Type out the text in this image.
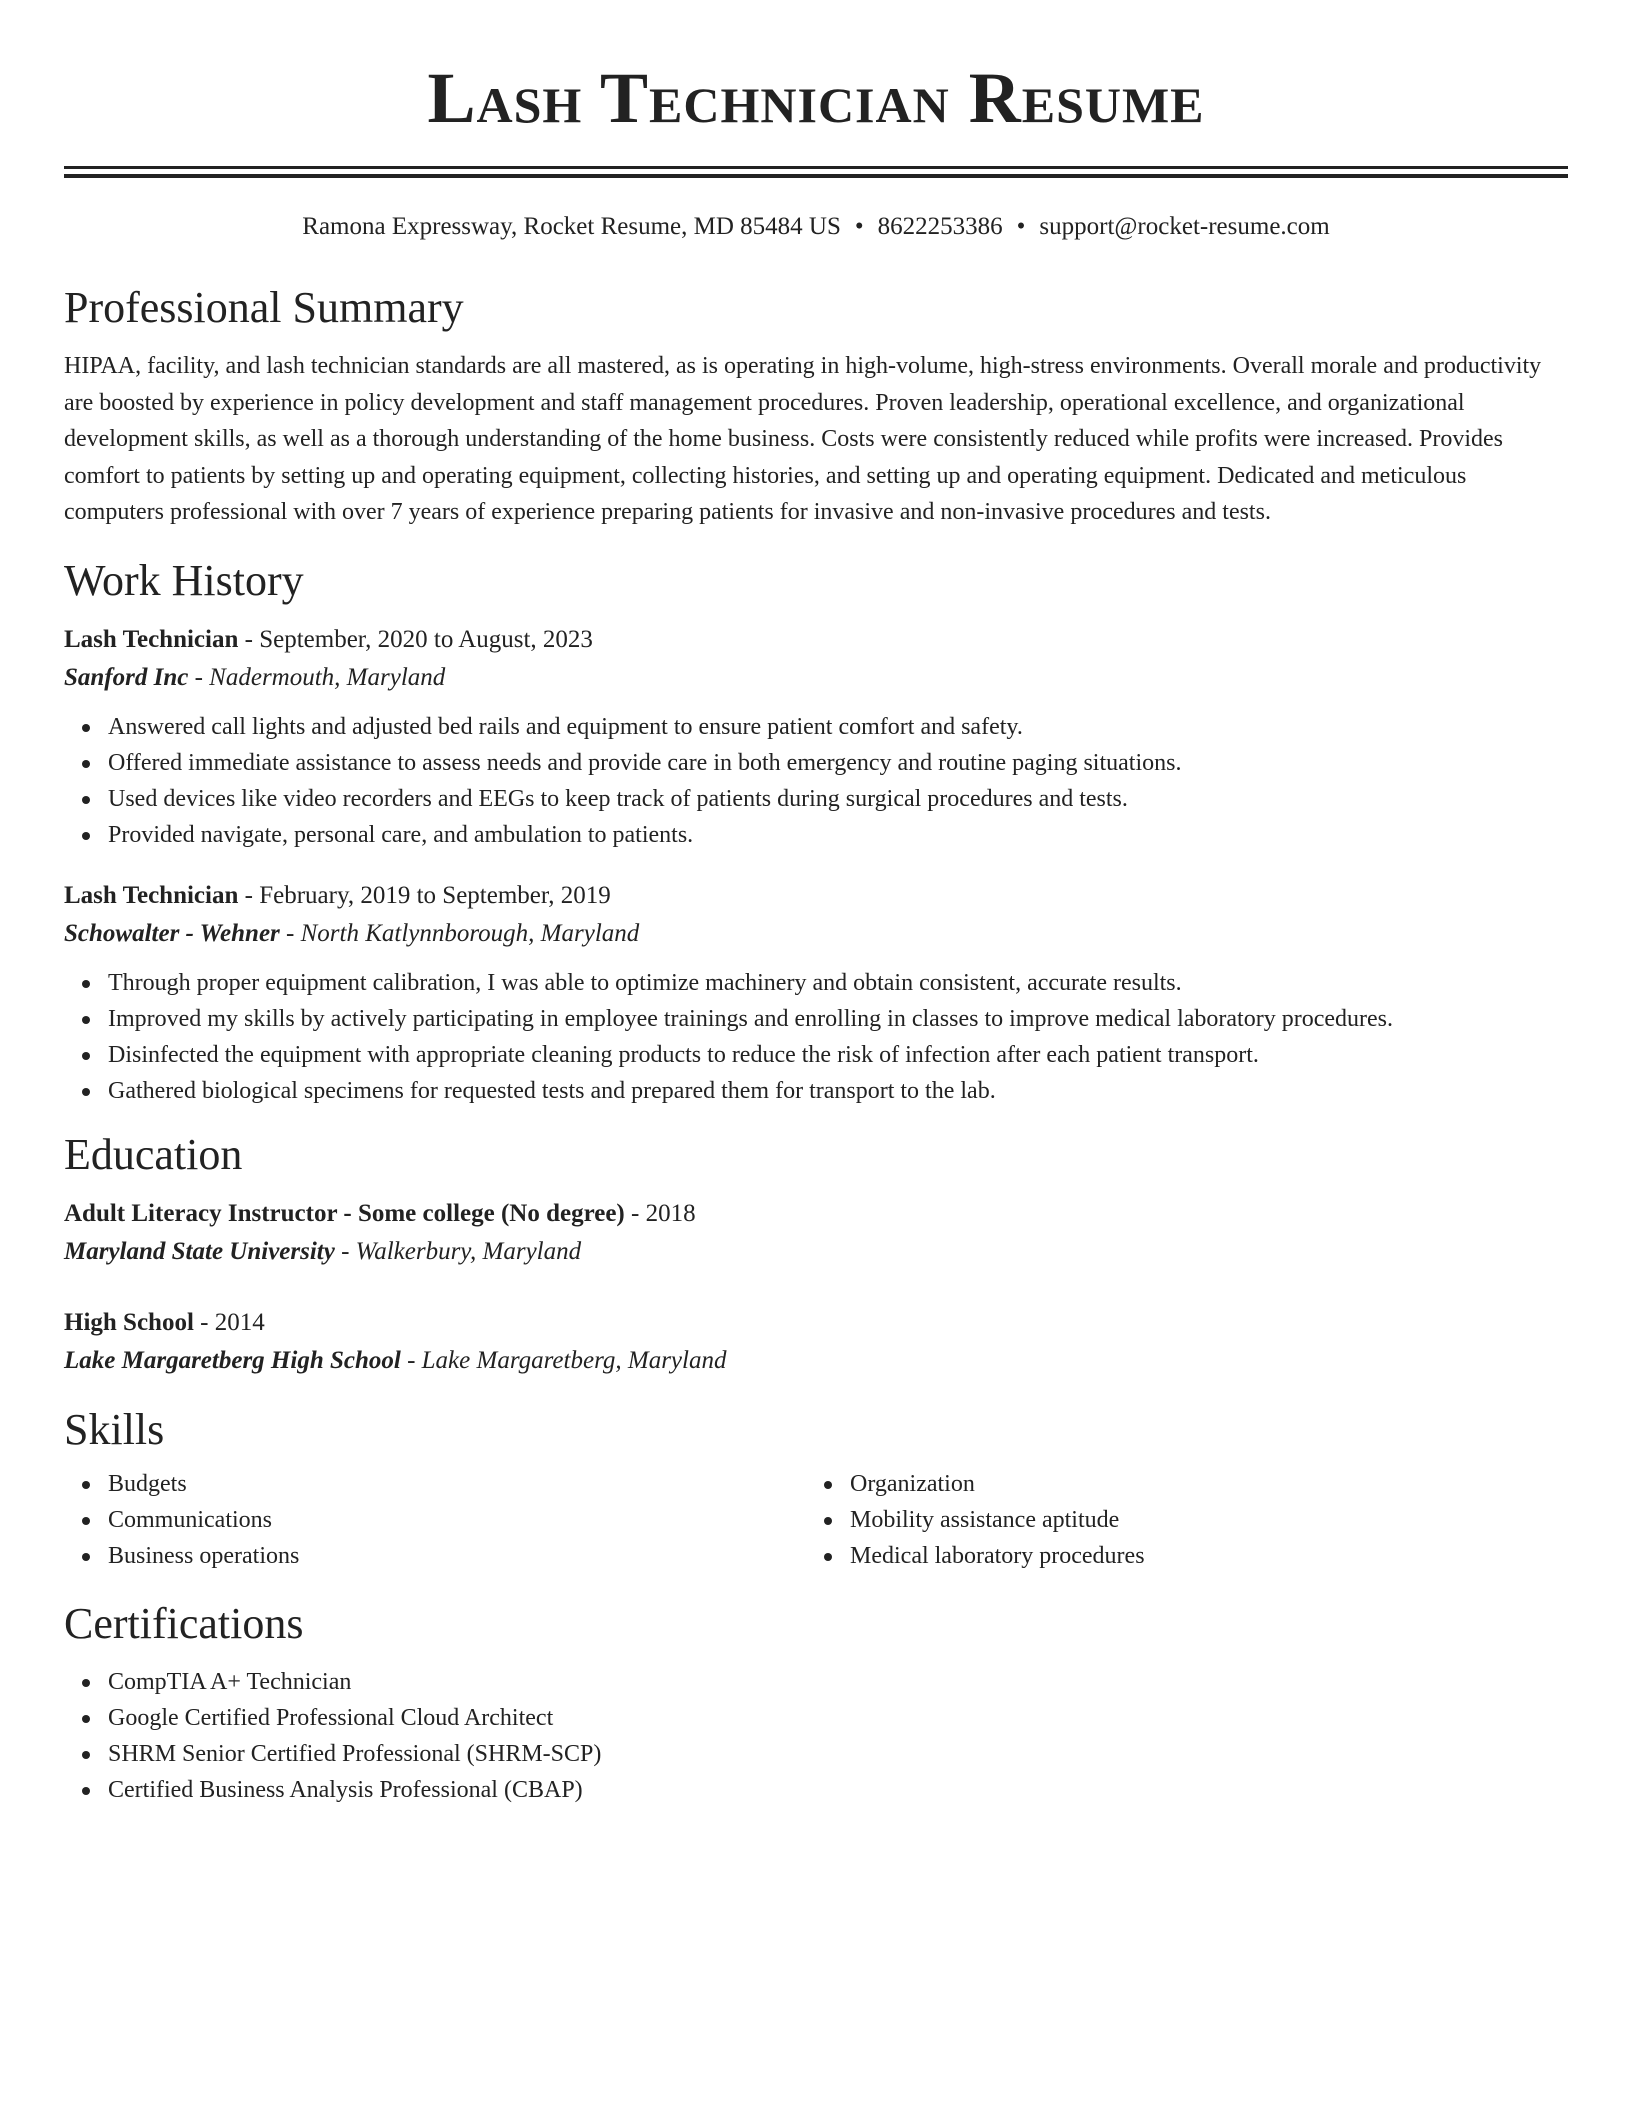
Lash Technician Resume
Ramona Expressway, Rocket Resume, MD 85484 US • 8622253386 • support@rocket-resume.com
Professional Summary

HIPAA, facility, and lash technician standards are all mastered, as is operating in high-volume, high-stress environments. Overall morale and productivity are boosted by experience in policy development and staff management procedures. Proven leadership, operational excellence, and organizational development skills, as well as a thorough understanding of the home business. Costs were consistently reduced while profits were increased. Provides comfort to patients by setting up and operating equipment, collecting histories, and setting up and operating equipment. Dedicated and meticulous computers professional with over 7 years of experience preparing patients for invasive and non-invasive procedures and tests.

Work History
Lash Technician - September, 2020 to August, 2023
Sanford Inc - Nadermouth, Maryland
Answered call lights and adjusted bed rails and equipment to ensure patient comfort and safety.
Offered immediate assistance to assess needs and provide care in both emergency and routine paging situations.
Used devices like video recorders and EEGs to keep track of patients during surgical procedures and tests.
Provided navigate, personal care, and ambulation to patients.
Lash Technician - February, 2019 to September, 2019
Schowalter - Wehner - North Katlynnborough, Maryland
Through proper equipment calibration, I was able to optimize machinery and obtain consistent, accurate results.
Improved my skills by actively participating in employee trainings and enrolling in classes to improve medical laboratory procedures.
Disinfected the equipment with appropriate cleaning products to reduce the risk of infection after each patient transport.
Gathered biological specimens for requested tests and prepared them for transport to the lab.
Education
Adult Literacy Instructor - Some college (No degree) - 2018
Maryland State University - Walkerbury, Maryland
High School - 2014
Lake Margaretberg High School - Lake Margaretberg, Maryland
Skills
Budgets
Communications
Business operations
Organization
Mobility assistance aptitude
Medical laboratory procedures
Certifications
CompTIA A+ Technician
Google Certified Professional Cloud Architect
SHRM Senior Certified Professional (SHRM-SCP)
Certified Business Analysis Professional (CBAP)
